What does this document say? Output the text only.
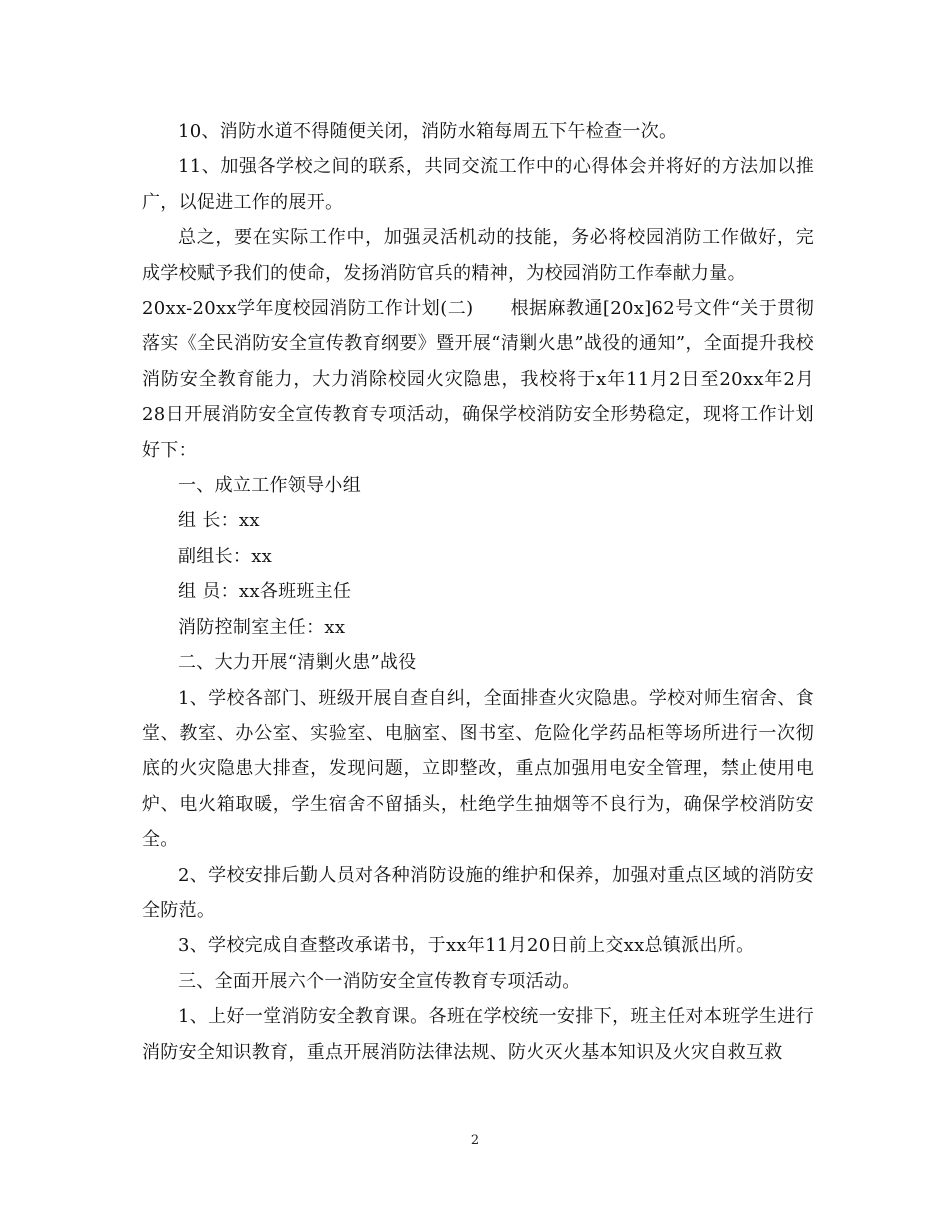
10、消防水道不得随便关闭，消防水箱每周五下午检查一次。

11、加强各学校之间的联系，共同交流工作中的心得体会并将好的方法加以推广，以促进工作的展开。

总之，要在实际工作中，加强灵活机动的技能，务必将校园消防工作做好，完成学校赋予我们的使命，发扬消防官兵的精神，为校园消防工作奉献力量。

20xx-20xx学年度校园消防工作计划(二)　　根据麻教通[20x]62号文件“关于贯彻落实《全民消防安全宣传教育纲要》暨开展“清剿火患”战役的通知”，全面提升我校消防安全教育能力，大力消除校园火灾隐患，我校将于x年11月2日至20xx年2月28日开展消防安全宣传教育专项活动，确保学校消防安全形势稳定，现将工作计划好下：

一、成立工作领导小组

组 长：xx

副组长：xx

组 员：xx各班班主任

消防控制室主任：xx

二、大力开展“清剿火患”战役

1、学校各部门、班级开展自查自纠，全面排查火灾隐患。学校对师生宿舍、食堂、教室、办公室、实验室、电脑室、图书室、危险化学药品柜等场所进行一次彻底的火灾隐患大排查，发现问题，立即整改，重点加强用电安全管理，禁止使用电炉、电火箱取暖，学生宿舍不留插头，杜绝学生抽烟等不良行为，确保学校消防安全。

2、学校安排后勤人员对各种消防设施的维护和保养，加强对重点区域的消防安全防范。

3、学校完成自查整改承诺书，于xx年11月20日前上交xx总镇派出所。

三、全面开展六个一消防安全宣传教育专项活动。

1、上好一堂消防安全教育课。各班在学校统一安排下，班主任对本班学生进行消防安全知识教育，重点开展消防法律法规、防火灭火基本知识及火灾自救互救

2
